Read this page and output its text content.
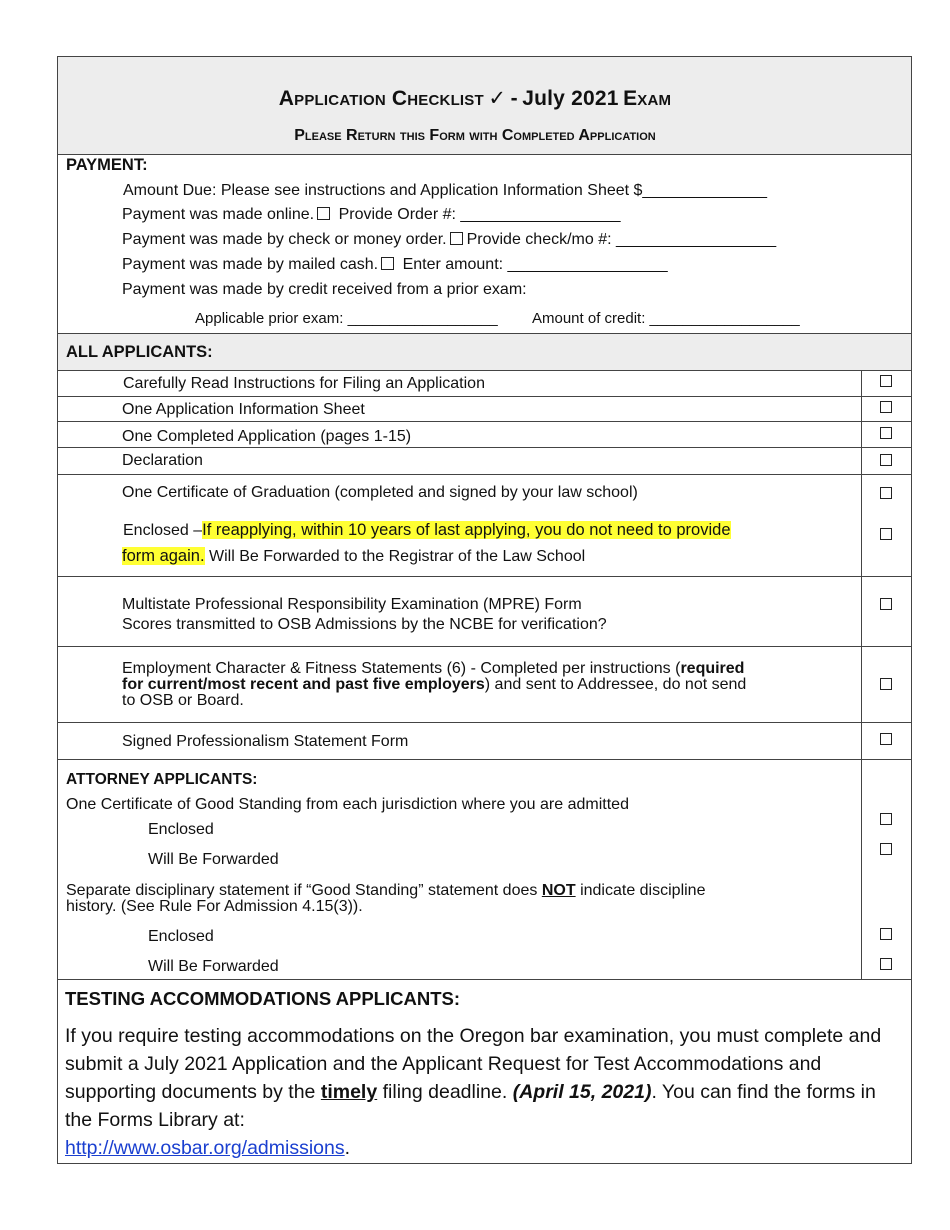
Application Checklist ✓ - July 2021 Exam
Please Return this Form with Completed Application
PAYMENT:
Amount Due: Please see instructions and Application Information Sheet $______________
Payment was made online. Provide Order #: __________________
Payment was made by check or money order. Provide check/mo #: __________________
Payment was made by mailed cash. Enter amount: __________________
Payment was made by credit received from a prior exam:
Applicable prior exam: __________________ Amount of credit: __________________
ALL APPLICANTS:
Carefully Read Instructions for Filing an Application
One Application Information Sheet
One Completed Application (pages 1-15)
Declaration
One Certificate of Graduation (completed and signed by your law school)
Enclosed –If reapplying, within 10 years of last applying, you do not need to provide
form again. Will Be Forwarded to the Registrar of the Law School
Multistate Professional Responsibility Examination (MPRE) Form
Scores transmitted to OSB Admissions by the NCBE for verification?
Employment Character & Fitness Statements (6) - Completed per instructions (required
for current/most recent and past five employers) and sent to Addressee, do not send
to OSB or Board.
Signed Professionalism Statement Form
ATTORNEY APPLICANTS:
One Certificate of Good Standing from each jurisdiction where you are admitted
Enclosed
Will Be Forwarded
Separate disciplinary statement if “Good Standing” statement does NOT indicate discipline
history. (See Rule For Admission 4.15(3)).
Enclosed
Will Be Forwarded
TESTING ACCOMMODATIONS APPLICANTS:
If you require testing accommodations on the Oregon bar examination, you must complete and submit a July 2021 Application and the Applicant Request for Test Accommodations and supporting documents by the timely filing deadline. (April 15, 2021). You can find the forms in the Forms Library at:
http://www.osbar.org/admissions.
